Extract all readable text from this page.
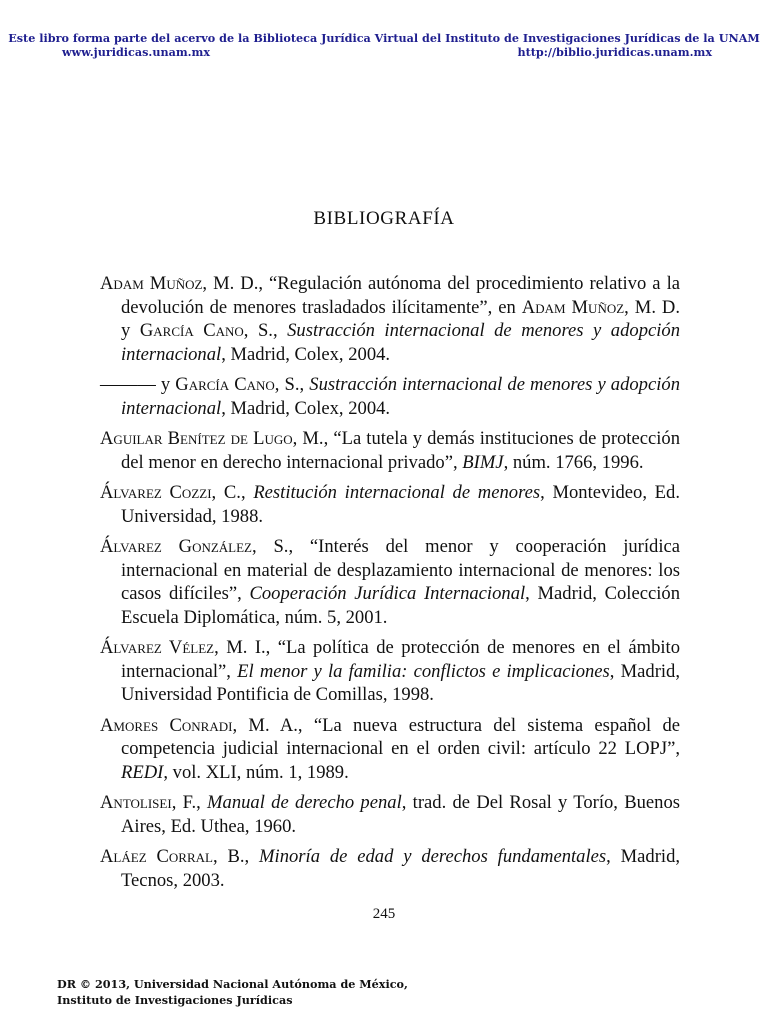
Este libro forma parte del acervo de la Biblioteca Jurídica Virtual del Instituto de Investigaciones Jurídicas de la UNAM
www.juridicas.unam.mx	http://biblio.juridicas.unam.mx
BIBLIOGRAFÍA
Adam Muñoz, M. D., “Regulación autónoma del procedimiento relativo a la devolución de menores trasladados ilícitamente”, en Adam Muñoz, M. D. y García Cano, S., Sustracción internacional de menores y adopción internacional, Madrid, Colex, 2004.
——— y García Cano, S., Sustracción internacional de menores y adopción internacional, Madrid, Colex, 2004.
Aguilar Benítez de Lugo, M., “La tutela y demás instituciones de protección del menor en derecho internacional privado”, BIMJ, núm. 1766, 1996.
Álvarez Cozzi, C., Restitución internacional de menores, Montevideo, Ed. Universidad, 1988.
Álvarez González, S., “Interés del menor y cooperación jurídica internacional en material de desplazamiento internacional de menores: los casos difíciles”, Cooperación Jurídica Internacional, Madrid, Colección Escuela Diplomática, núm. 5, 2001.
Álvarez Vélez, M. I., “La política de protección de menores en el ámbito internacional”, El menor y la familia: conflictos e implicaciones, Madrid, Universidad Pontificia de Comillas, 1998.
Amores Conradi, M. A., “La nueva estructura del sistema español de competencia judicial internacional en el orden civil: artículo 22 LOPJ”, REDI, vol. XLI, núm. 1, 1989.
Antolisei, F., Manual de derecho penal, trad. de Del Rosal y Torío, Buenos Aires, Ed. Uthea, 1960.
Aláez Corral, B., Minoría de edad y derechos fundamentales, Madrid, Tecnos, 2003.
245
DR © 2013, Universidad Nacional Autónoma de México,
Instituto de Investigaciones Jurídicas
